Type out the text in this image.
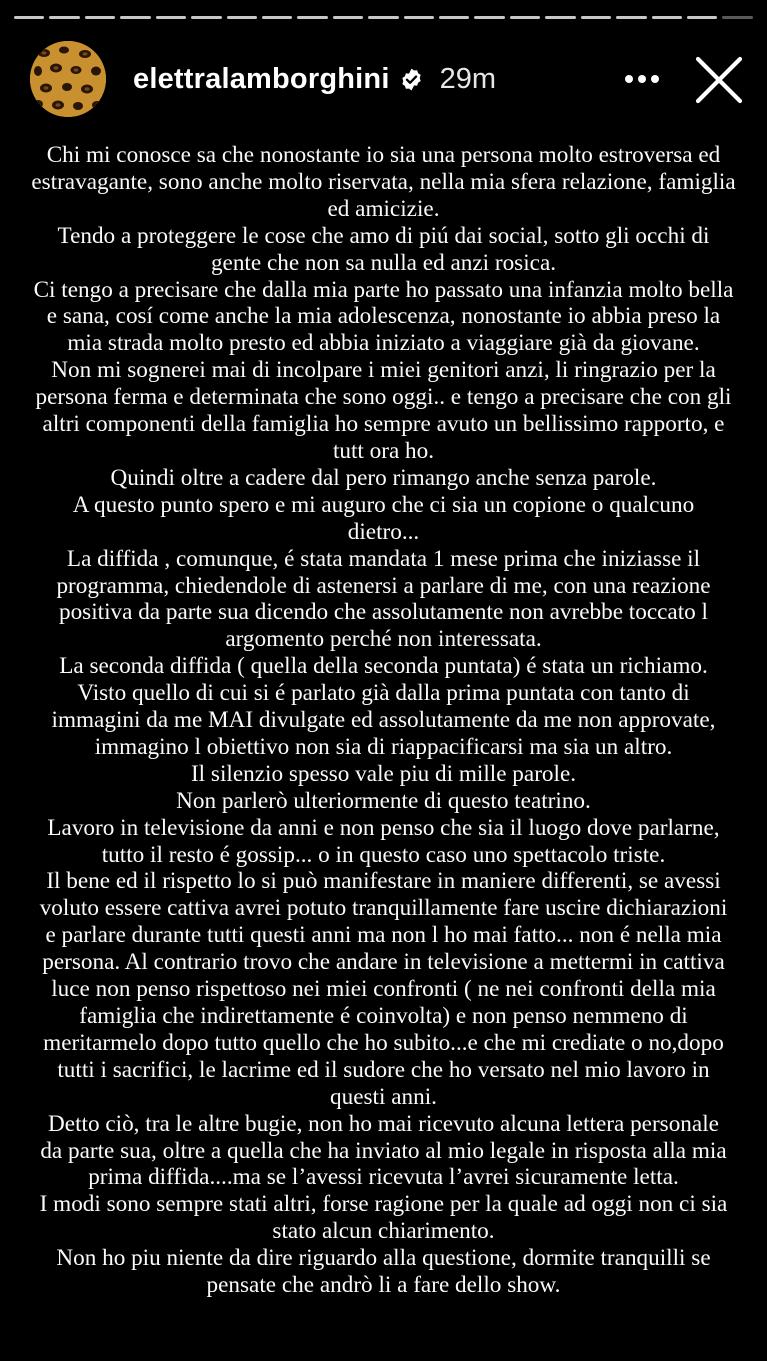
elettralamborghini 29m
Chi mi conosce sa che nonostante io sia una persona molto estroversa ed
estravagante, sono anche molto riservata, nella mia sfera relazione, famiglia
ed amicizie.
Tendo a proteggere le cose che amo di piú dai social, sotto gli occhi di
gente che non sa nulla ed anzi rosica.
Ci tengo a precisare che dalla mia parte ho passato una infanzia molto bella
e sana, cosí come anche la mia adolescenza, nonostante io abbia preso la
mia strada molto presto ed abbia iniziato a viaggiare già da giovane.
Non mi sognerei mai di incolpare i miei genitori anzi, li ringrazio per la
persona ferma e determinata che sono oggi.. e tengo a precisare che con gli
altri componenti della famiglia ho sempre avuto un bellissimo rapporto, e
tutt ora ho.
Quindi oltre a cadere dal pero rimango anche senza parole.
A questo punto spero e mi auguro che ci sia un copione o qualcuno
dietro...
La diffida , comunque, é stata mandata 1 mese prima che iniziasse il
programma, chiedendole di astenersi a parlare di me, con una reazione
positiva da parte sua dicendo che assolutamente non avrebbe toccato l
argomento perché non interessata.
La seconda diffida ( quella della seconda puntata) é stata un richiamo.
Visto quello di cui si é parlato già dalla prima puntata con tanto di
immagini da me MAI divulgate ed assolutamente da me non approvate,
immagino l obiettivo non sia di riappacificarsi ma sia un altro.
Il silenzio spesso vale piu di mille parole.
Non parlerò ulteriormente di questo teatrino.
Lavoro in televisione da anni e non penso che sia il luogo dove parlarne,
tutto il resto é gossip... o in questo caso uno spettacolo triste.
Il bene ed il rispetto lo si può manifestare in maniere differenti, se avessi
voluto essere cattiva avrei potuto tranquillamente fare uscire dichiarazioni
e parlare durante tutti questi anni ma non l ho mai fatto... non é nella mia
persona. Al contrario trovo che andare in televisione a mettermi in cattiva
luce non penso rispettoso nei miei confronti ( ne nei confronti della mia
famiglia che indirettamente é coinvolta) e non penso nemmeno di
meritarmelo dopo tutto quello che ho subito...e che mi crediate o no,dopo
tutti i sacrifici, le lacrime ed il sudore che ho versato nel mio lavoro in
questi anni.
Detto ciò, tra le altre bugie, non ho mai ricevuto alcuna lettera personale
da parte sua, oltre a quella che ha inviato al mio legale in risposta alla mia
prima diffida....ma se l’avessi ricevuta l’avrei sicuramente letta.
I modi sono sempre stati altri, forse ragione per la quale ad oggi non ci sia
stato alcun chiarimento.
Non ho piu niente da dire riguardo alla questione, dormite tranquilli se
pensate che andrò li a fare dello show.
